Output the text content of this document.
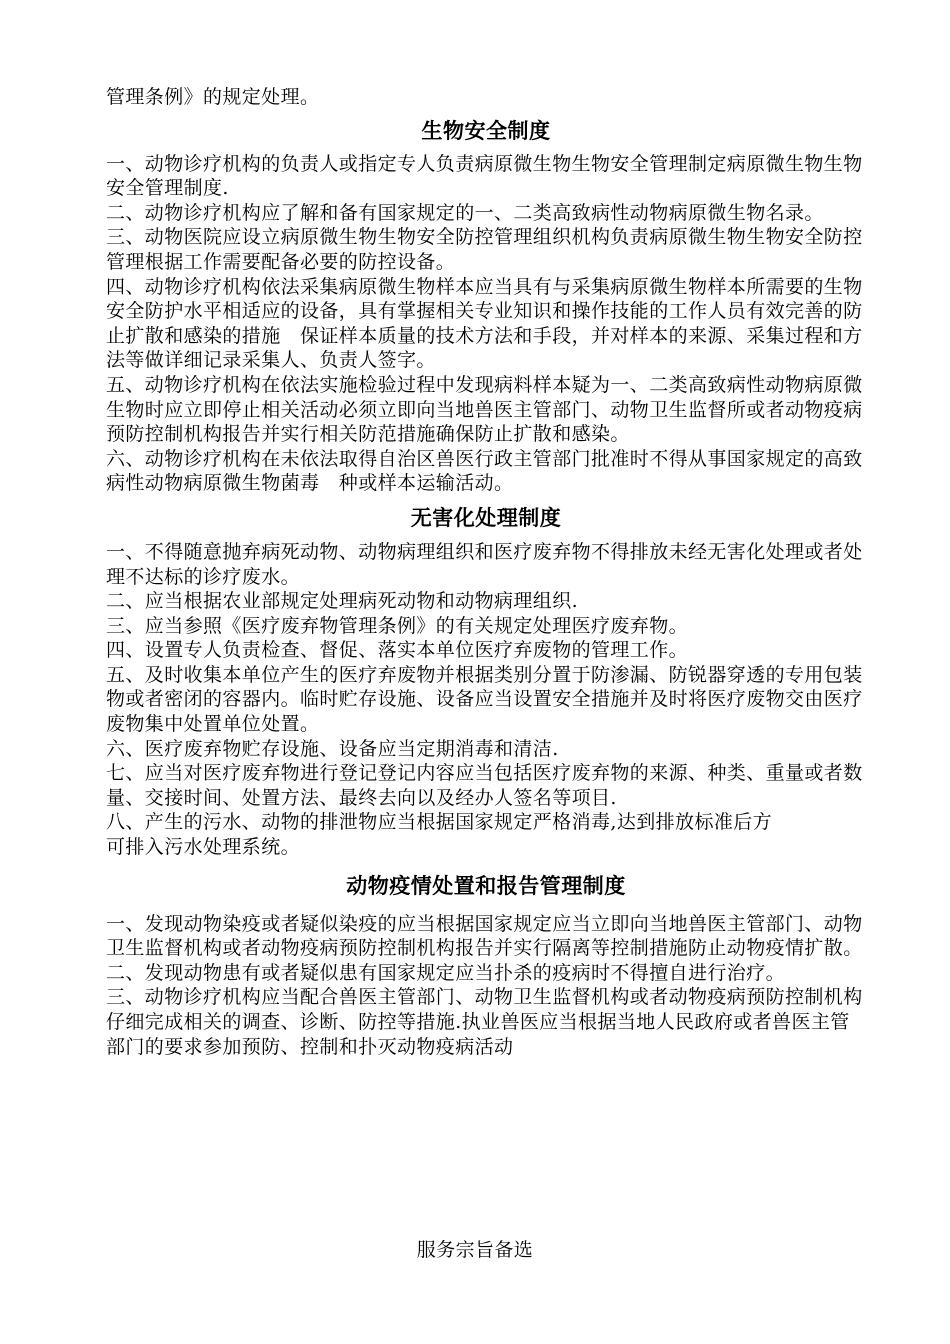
管理条例》的规定处理。

生物安全制度

一、动物诊疗机构的负责人或指定专人负责病原微生物生物安全管理制定病原微生物生物安全管理制度.

二、动物诊疗机构应了解和备有国家规定的一、二类高致病性动物病原微生物名录。

三、动物医院应设立病原微生物生物安全防控管理组织机构负责病原微生物生物安全防控管理根据工作需要配备必要的防控设备。

四、动物诊疗机构依法采集病原微生物样本应当具有与采集病原微生物样本所需要的生物安全防护水平相适应的设备，具有掌握相关专业知识和操作技能的工作人员有效完善的防止扩散和感染的措施　保证样本质量的技术方法和手段，并对样本的来源、采集过程和方法等做详细记录采集人、负责人签字。

五、动物诊疗机构在依法实施检验过程中发现病料样本疑为一、二类高致病性动物病原微生物时应立即停止相关活动必须立即向当地兽医主管部门、动物卫生监督所或者动物疫病预防控制机构报告并实行相关防范措施确保防止扩散和感染。

六、动物诊疗机构在未依法取得自治区兽医行政主管部门批准时不得从事国家规定的高致病性动物病原微生物菌毒　种或样本运输活动。

无害化处理制度

一、不得随意抛弃病死动物、动物病理组织和医疗废弃物不得排放未经无害化处理或者处理不达标的诊疗废水。

二、应当根据农业部规定处理病死动物和动物病理组织.

三、应当参照《医疗废弃物管理条例》的有关规定处理医疗废弃物。

四、设置专人负责检查、督促、落实本单位医疗弃废物的管理工作。

五、及时收集本单位产生的医疗弃废物并根据类别分置于防渗漏、防锐器穿透的专用包装物或者密闭的容器内。临时贮存设施、设备应当设置安全措施并及时将医疗废物交由医疗废物集中处置单位处置。

六、医疗废弃物贮存设施、设备应当定期消毒和清洁.

七、应当对医疗废弃物进行登记登记内容应当包括医疗废弃物的来源、种类、重量或者数量、交接时间、处置方法、最终去向以及经办人签名等项目.

八、产生的污水、动物的排泄物应当根据国家规定严格消毒,达到排放标准后方

可排入污水处理系统。

动物疫情处置和报告管理制度

一、发现动物染疫或者疑似染疫的应当根据国家规定应当立即向当地兽医主管部门、动物卫生监督机构或者动物疫病预防控制机构报告并实行隔离等控制措施防止动物疫情扩散。

二、发现动物患有或者疑似患有国家规定应当扑杀的疫病时不得擅自进行治疗。

三、动物诊疗机构应当配合兽医主管部门、动物卫生监督机构或者动物疫病预防控制机构仔细完成相关的调查、诊断、防控等措施.执业兽医应当根据当地人民政府或者兽医主管部门的要求参加预防、控制和扑灭动物疫病活动

服务宗旨备选
